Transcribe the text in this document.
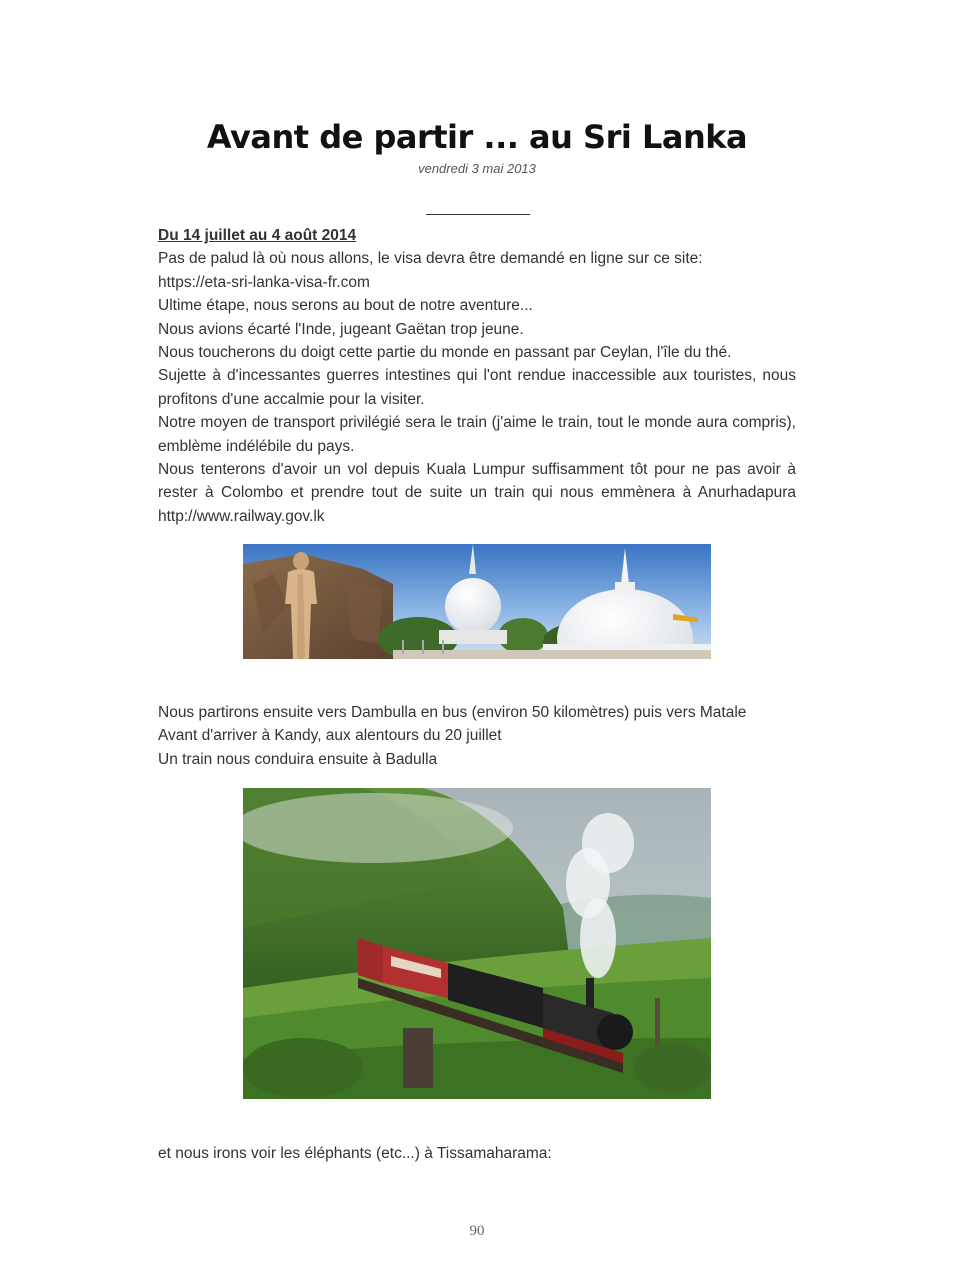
Avant de partir ... au Sri Lanka
vendredi 3 mai 2013

Du 14 juillet au 4 août 2014

Pas de palud là où nous allons, le visa devra être demandé en ligne sur ce site:

https://eta-sri-lanka-visa-fr.com

Ultime étape, nous serons au bout de notre aventure...

Nous avions écarté l'Inde, jugeant Gaëtan trop jeune.

Nous toucherons du doigt cette partie du monde en passant par Ceylan, l'île du thé.

Sujette à d'incessantes guerres intestines qui l'ont rendue inaccessible aux touristes, nous profitons d'une accalmie pour la visiter.

Notre moyen de transport privilégié sera le train (j'aime le train, tout le monde aura compris), emblème indélébile du pays.

Nous tenterons d'avoir un vol depuis Kuala Lumpur suffisamment tôt pour ne pas avoir à rester à Colombo et prendre tout de suite un train qui nous emmènera à Anurhadapura http://www.railway.gov.lk

Nous partirons ensuite vers Dambulla en bus (environ 50 kilomètres) puis vers Matale

Avant d'arriver à Kandy, aux alentours du 20 juillet

Un train nous conduira ensuite à Badulla

et nous irons voir les éléphants (etc...) à Tissamaharama:

90
